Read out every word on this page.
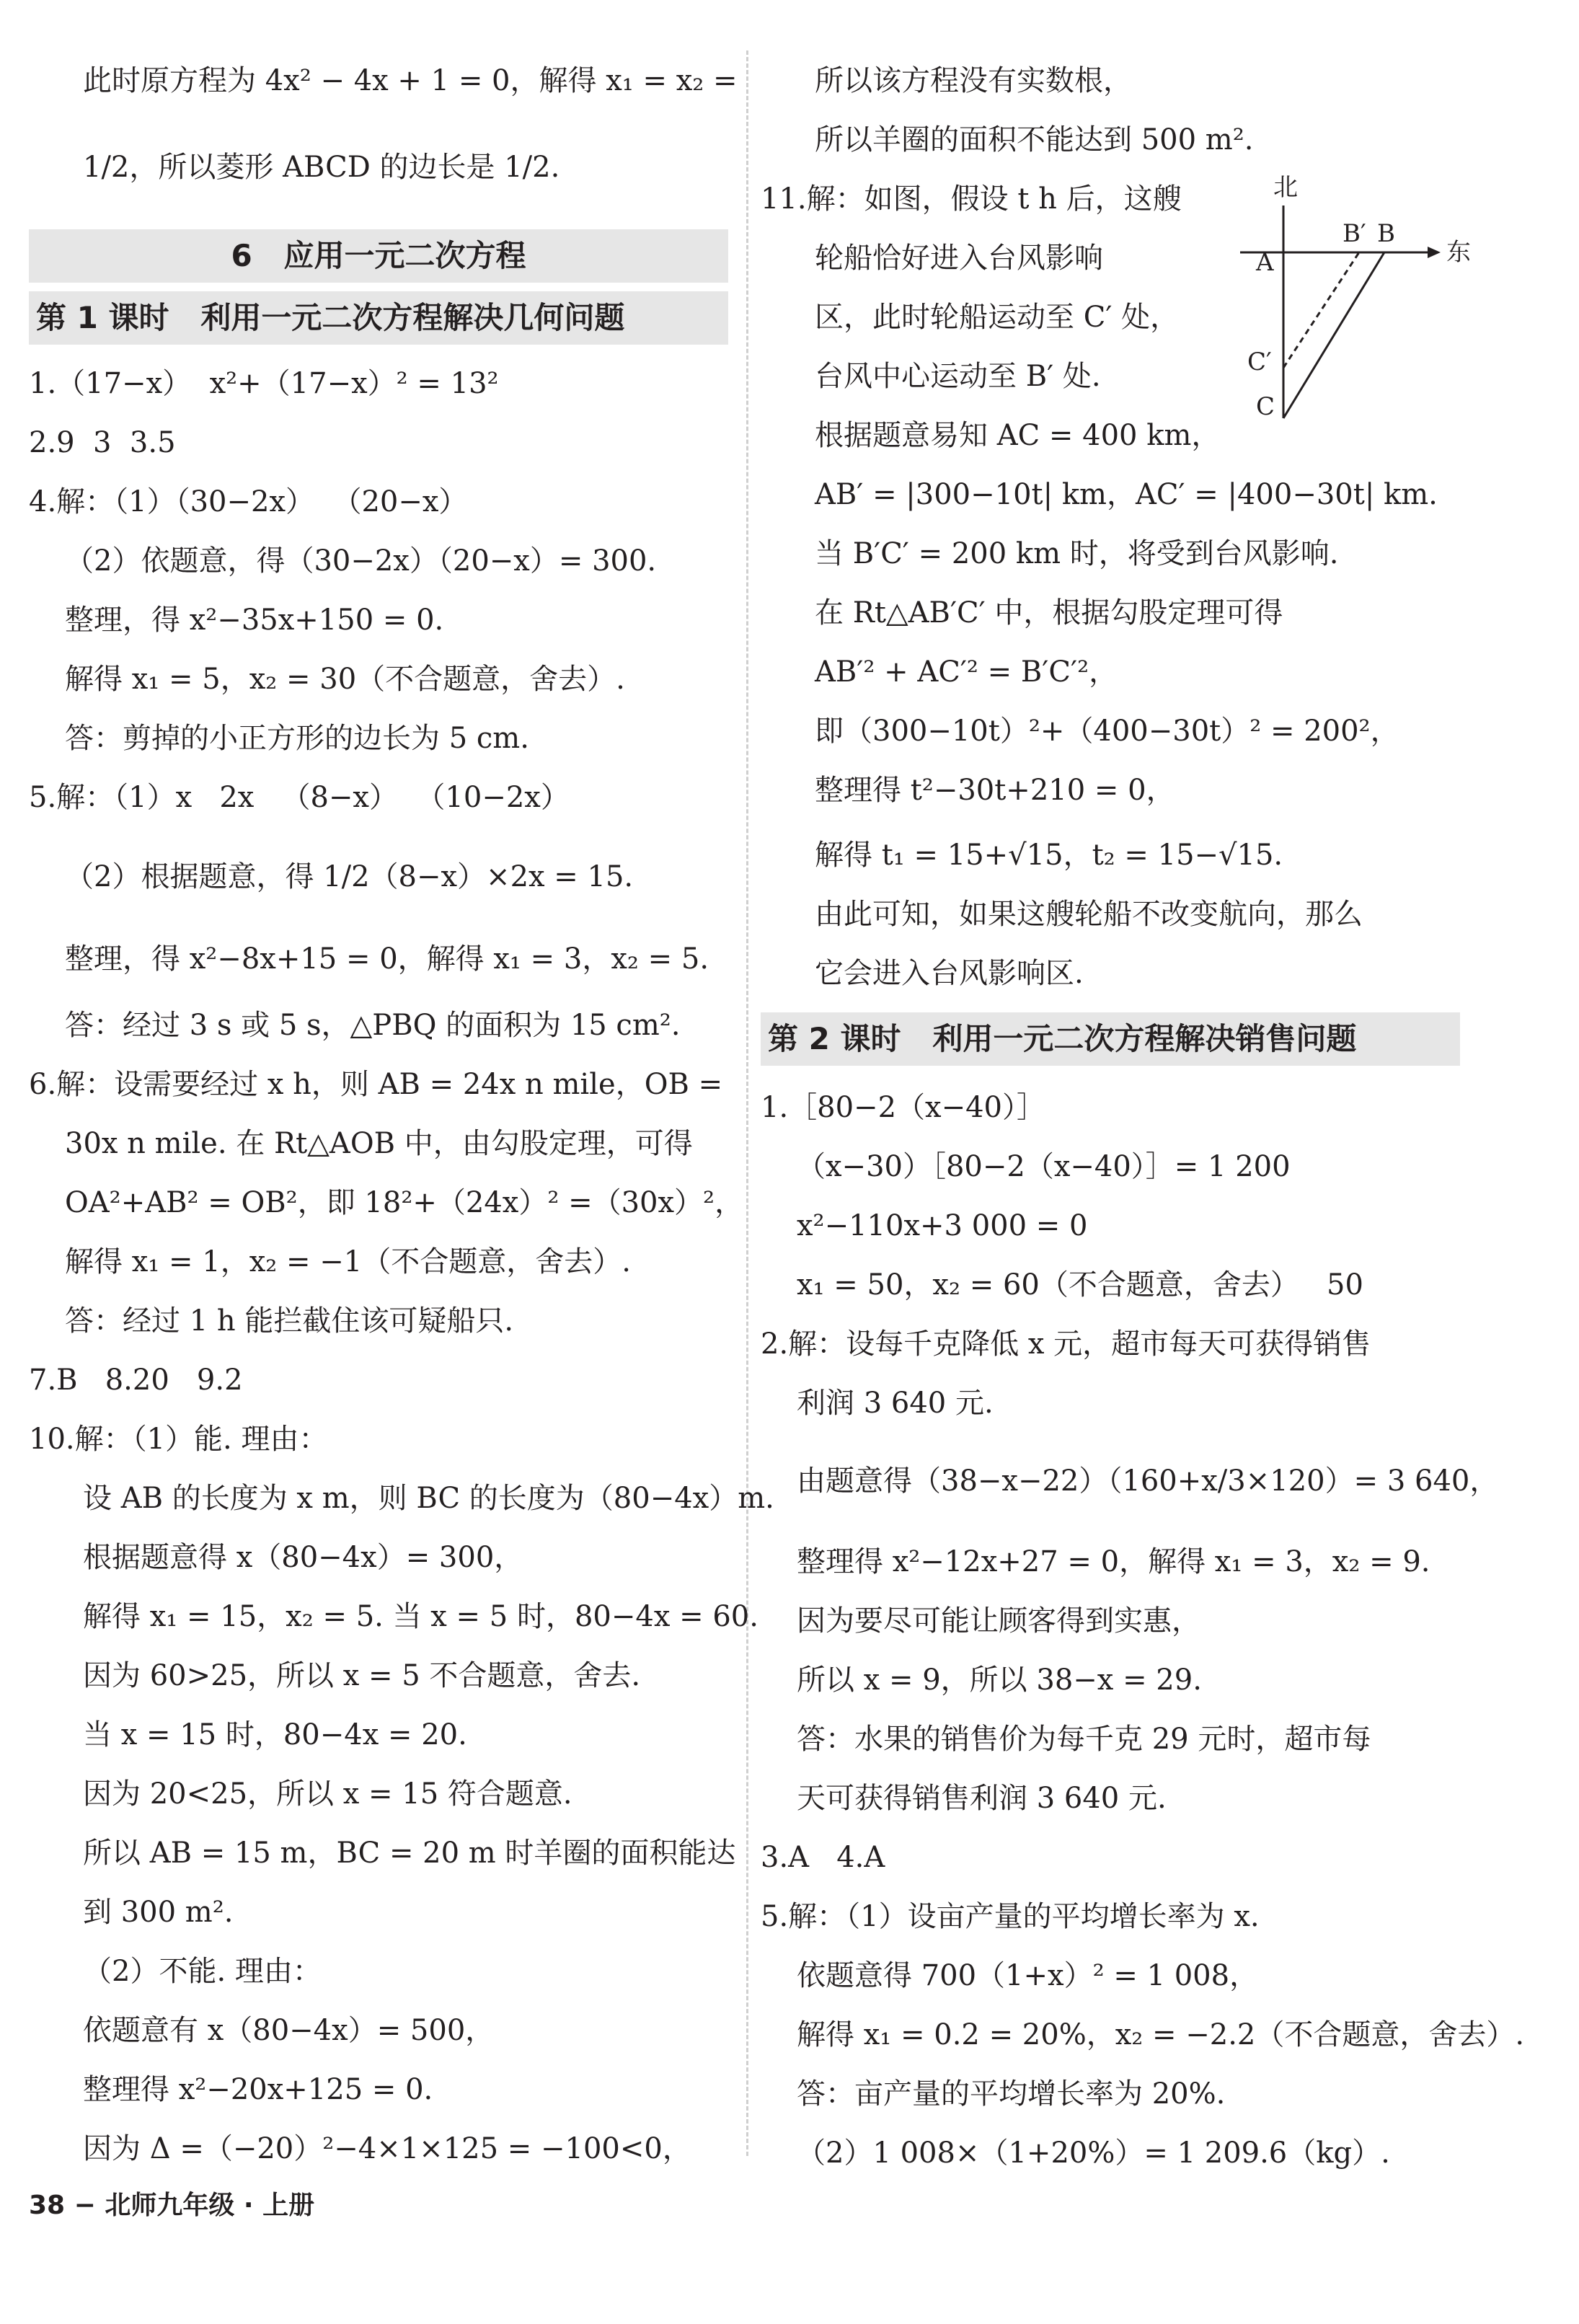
此时原方程为 4x² − 4x + 1 = 0，解得 x₁ = x₂ =
1/2，所以菱形 ABCD 的边长是 1/2.
6   应用一元二次方程
第 1 课时   利用一元二次方程解决几何问题
1.（17−x）  x²+（17−x）² = 13²
2.9  3  3.5
4.解：（1）（30−2x）  （20−x）
（2）依题意，得（30−2x）（20−x）= 300.
整理，得 x²−35x+150 = 0.
解得 x₁ = 5，x₂ = 30（不合题意，舍去）.
答：剪掉的小正方形的边长为 5 cm.
5.解：（1）x   2x   （8−x）  （10−2x）
（2）根据题意，得 1/2（8−x）×2x = 15.
整理，得 x²−8x+15 = 0，解得 x₁ = 3，x₂ = 5.
答：经过 3 s 或 5 s，△PBQ 的面积为 15 cm².
6.解：设需要经过 x h，则 AB = 24x n mile，OB =
30x n mile. 在 Rt△AOB 中，由勾股定理，可得
OA²+AB² = OB²，即 18²+（24x）² =（30x）²，
解得 x₁ = 1，x₂ = −1（不合题意，舍去）.
答：经过 1 h 能拦截住该可疑船只.
7.B   8.20   9.2
10.解：（1）能. 理由：
设 AB 的长度为 x m，则 BC 的长度为（80−4x）m.
根据题意得 x（80−4x）= 300，
解得 x₁ = 15，x₂ = 5. 当 x = 5 时，80−4x = 60.
因为 60>25，所以 x = 5 不合题意，舍去.
当 x = 15 时，80−4x = 20.
因为 20<25，所以 x = 15 符合题意.
所以 AB = 15 m，BC = 20 m 时羊圈的面积能达
到 300 m².
（2）不能. 理由：
依题意有 x（80−4x）= 500，
整理得 x²−20x+125 = 0.
因为 Δ =（−20）²−4×1×125 = −100<0，
38 − 北师九年级 · 上册
所以该方程没有实数根，
所以羊圈的面积不能达到 500 m².
11.解：如图，假设 t h 后，这艘
轮船恰好进入台风影响
区，此时轮船运动至 C′ 处，
台风中心运动至 B′ 处.
根据题意易知 AC = 400 km，
AB′ = |300−10t| km，AC′ = |400−30t| km.
当 B′C′ = 200 km 时，将受到台风影响.
在 Rt△AB′C′ 中，根据勾股定理可得
AB′² + AC′² = B′C′²，
即（300−10t）²+（400−30t）² = 200²，
整理得 t²−30t+210 = 0，
解得 t₁ = 15+√15，t₂ = 15−√15.
由此可知，如果这艘轮船不改变航向，那么
它会进入台风影响区.
第 2 课时   利用一元二次方程解决销售问题
1.［80−2（x−40）］
（x−30）［80−2（x−40）］= 1 200
x²−110x+3 000 = 0
x₁ = 50，x₂ = 60（不合题意，舍去）   50
2.解：设每千克降低 x 元，超市每天可获得销售
利润 3 640 元.
由题意得（38−x−22）（160+x/3×120）= 3 640，
整理得 x²−12x+27 = 0，解得 x₁ = 3，x₂ = 9.
因为要尽可能让顾客得到实惠，
所以 x = 9，所以 38−x = 29.
答：水果的销售价为每千克 29 元时，超市每
天可获得销售利润 3 640 元.
3.A   4.A
5.解：（1）设亩产量的平均增长率为 x.
依题意得 700（1+x）² = 1 008，
解得 x₁ = 0.2 = 20%，x₂ = −2.2（不合题意，舍去）.
答：亩产量的平均增长率为 20%.
（2）1 008×（1+20%）= 1 209.6（kg）.
北
东
A
B′ B
C′
C
